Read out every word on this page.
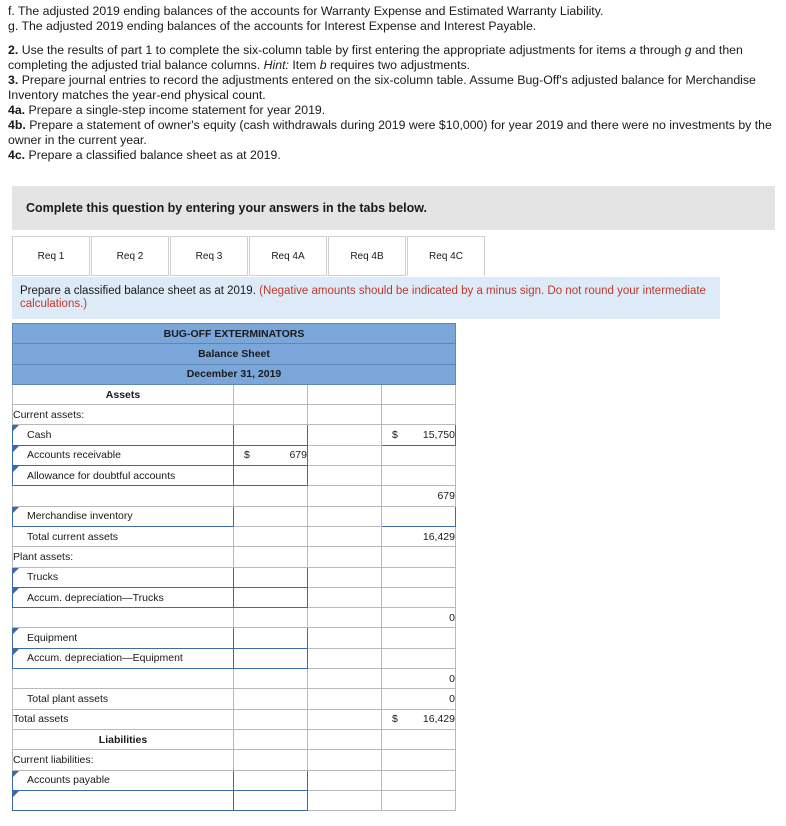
f. The adjusted 2019 ending balances of the accounts for Warranty Expense and Estimated Warranty Liability.

g. The adjusted 2019 ending balances of the accounts for Interest Expense and Interest Payable.

2. Use the results of part 1 to complete the six-column table by first entering the appropriate adjustments for items a through g and then completing the adjusted trial balance columns. Hint: Item b requires two adjustments.

3. Prepare journal entries to record the adjustments entered on the six-column table. Assume Bug-Off's adjusted balance for Merchandise Inventory matches the year-end physical count.

4a. Prepare a single-step income statement for year 2019.

4b. Prepare a statement of owner's equity (cash withdrawals during 2019 were $10,000) for year 2019 and there were no investments by the owner in the current year.

4c. Prepare a classified balance sheet as at 2019.

Complete this question by entering your answers in the tabs below.
Req 1	Req 2	Req 3	Req 4A	Req 4B	Req 4C
Prepare a classified balance sheet as at 2019. (Negative amounts should be indicated by a minus sign. Do not round your intermediate calculations.)
BUG-OFF EXTERMINATORS			
Balance Sheet			
December 31, 2019			
Assets			
Current assets:			
Cash			$ 15,750
Accounts receivable	$ 679		
Allowance for doubtful accounts			
			679
Merchandise inventory			
Total current assets			16,429
Plant assets:			
Trucks			
Accum. depreciation—Trucks			
			0
Equipment			
Accum. depreciation—Equipment			
			0
Total plant assets			0
Total assets			$ 16,429
Liabilities			
Current liabilities:			
Accounts payable			
